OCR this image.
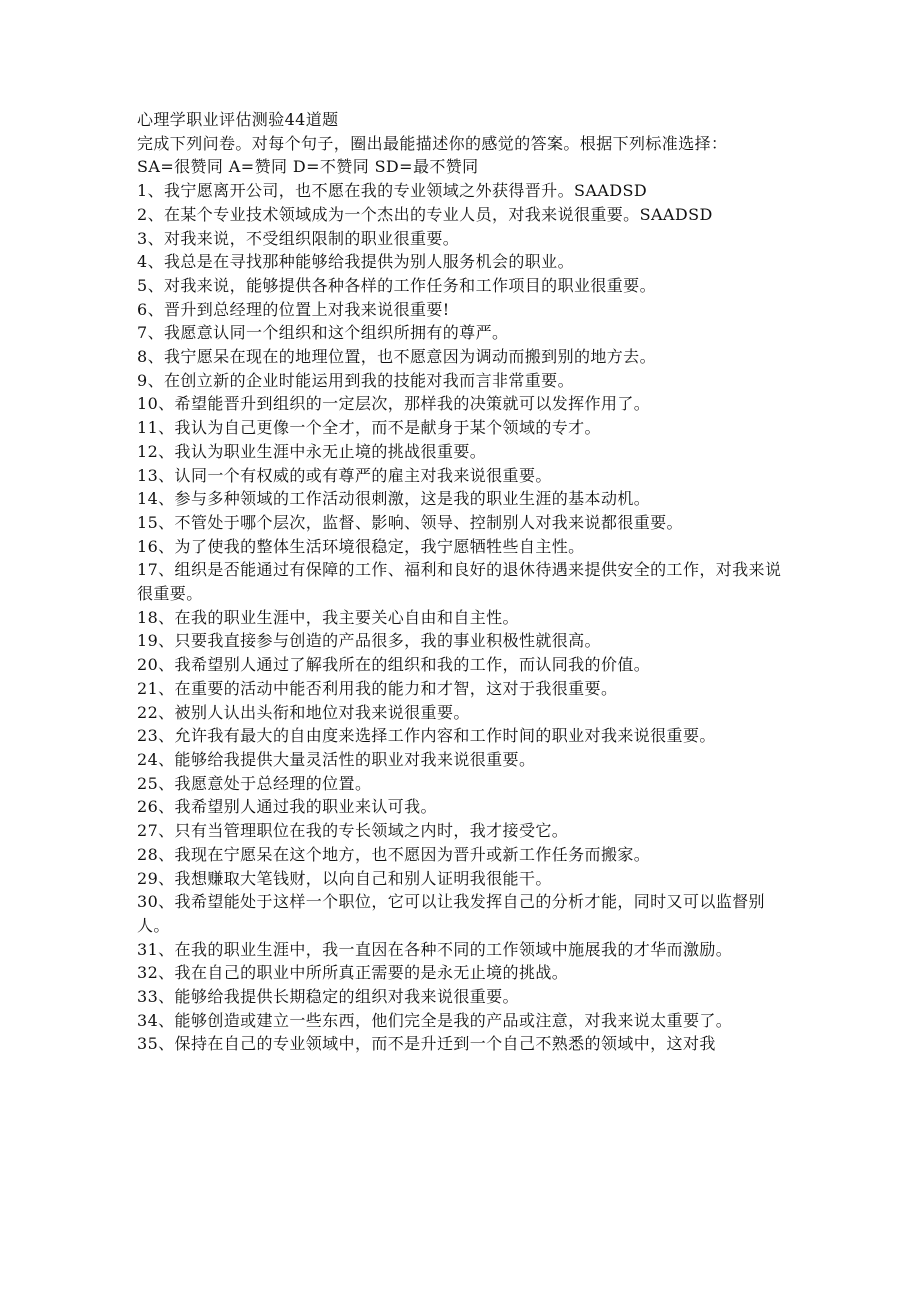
心理学职业评估测验44道题

完成下列问卷。对每个句子，圈出最能描述你的感觉的答案。根据下列标准选择：

SA=很赞同 A=赞同 D=不赞同 SD=最不赞同

1、我宁愿离开公司，也不愿在我的专业领域之外获得晋升。SAADSD

2、在某个专业技术领域成为一个杰出的专业人员，对我来说很重要。SAADSD

3、对我来说，不受组织限制的职业很重要。

4、我总是在寻找那种能够给我提供为别人服务机会的职业。

5、对我来说，能够提供各种各样的工作任务和工作项目的职业很重要。

6、晋升到总经理的位置上对我来说很重要!

7、我愿意认同一个组织和这个组织所拥有的尊严。

8、我宁愿呆在现在的地理位置，也不愿意因为调动而搬到别的地方去。

9、在创立新的企业时能运用到我的技能对我而言非常重要。

10、希望能晋升到组织的一定层次，那样我的决策就可以发挥作用了。

11、我认为自己更像一个全才，而不是献身于某个领域的专才。

12、我认为职业生涯中永无止境的挑战很重要。

13、认同一个有权威的或有尊严的雇主对我来说很重要。

14、参与多种领域的工作活动很刺激，这是我的职业生涯的基本动机。

15、不管处于哪个层次，监督、影响、领导、控制别人对我来说都很重要。

16、为了使我的整体生活环境很稳定，我宁愿牺牲些自主性。

17、组织是否能通过有保障的工作、福利和良好的退休待遇来提供安全的工作，对我来说很重要。

18、在我的职业生涯中，我主要关心自由和自主性。

19、只要我直接参与创造的产品很多，我的事业积极性就很高。

20、我希望别人通过了解我所在的组织和我的工作，而认同我的价值。

21、在重要的活动中能否利用我的能力和才智，这对于我很重要。

22、被别人认出头衔和地位对我来说很重要。

23、允许我有最大的自由度来选择工作内容和工作时间的职业对我来说很重要。

24、能够给我提供大量灵活性的职业对我来说很重要。

25、我愿意处于总经理的位置。

26、我希望别人通过我的职业来认可我。

27、只有当管理职位在我的专长领域之内时，我才接受它。

28、我现在宁愿呆在这个地方，也不愿因为晋升或新工作任务而搬家。

29、我想赚取大笔钱财，以向自己和别人证明我很能干。

30、我希望能处于这样一个职位，它可以让我发挥自己的分析才能，同时又可以监督别人。

31、在我的职业生涯中，我一直因在各种不同的工作领域中施展我的才华而激励。

32、我在自己的职业中所所真正需要的是永无止境的挑战。

33、能够给我提供长期稳定的组织对我来说很重要。

34、能够创造或建立一些东西，他们完全是我的产品或注意，对我来说太重要了。

35、保持在自己的专业领域中，而不是升迁到一个自己不熟悉的领域中，这对我
